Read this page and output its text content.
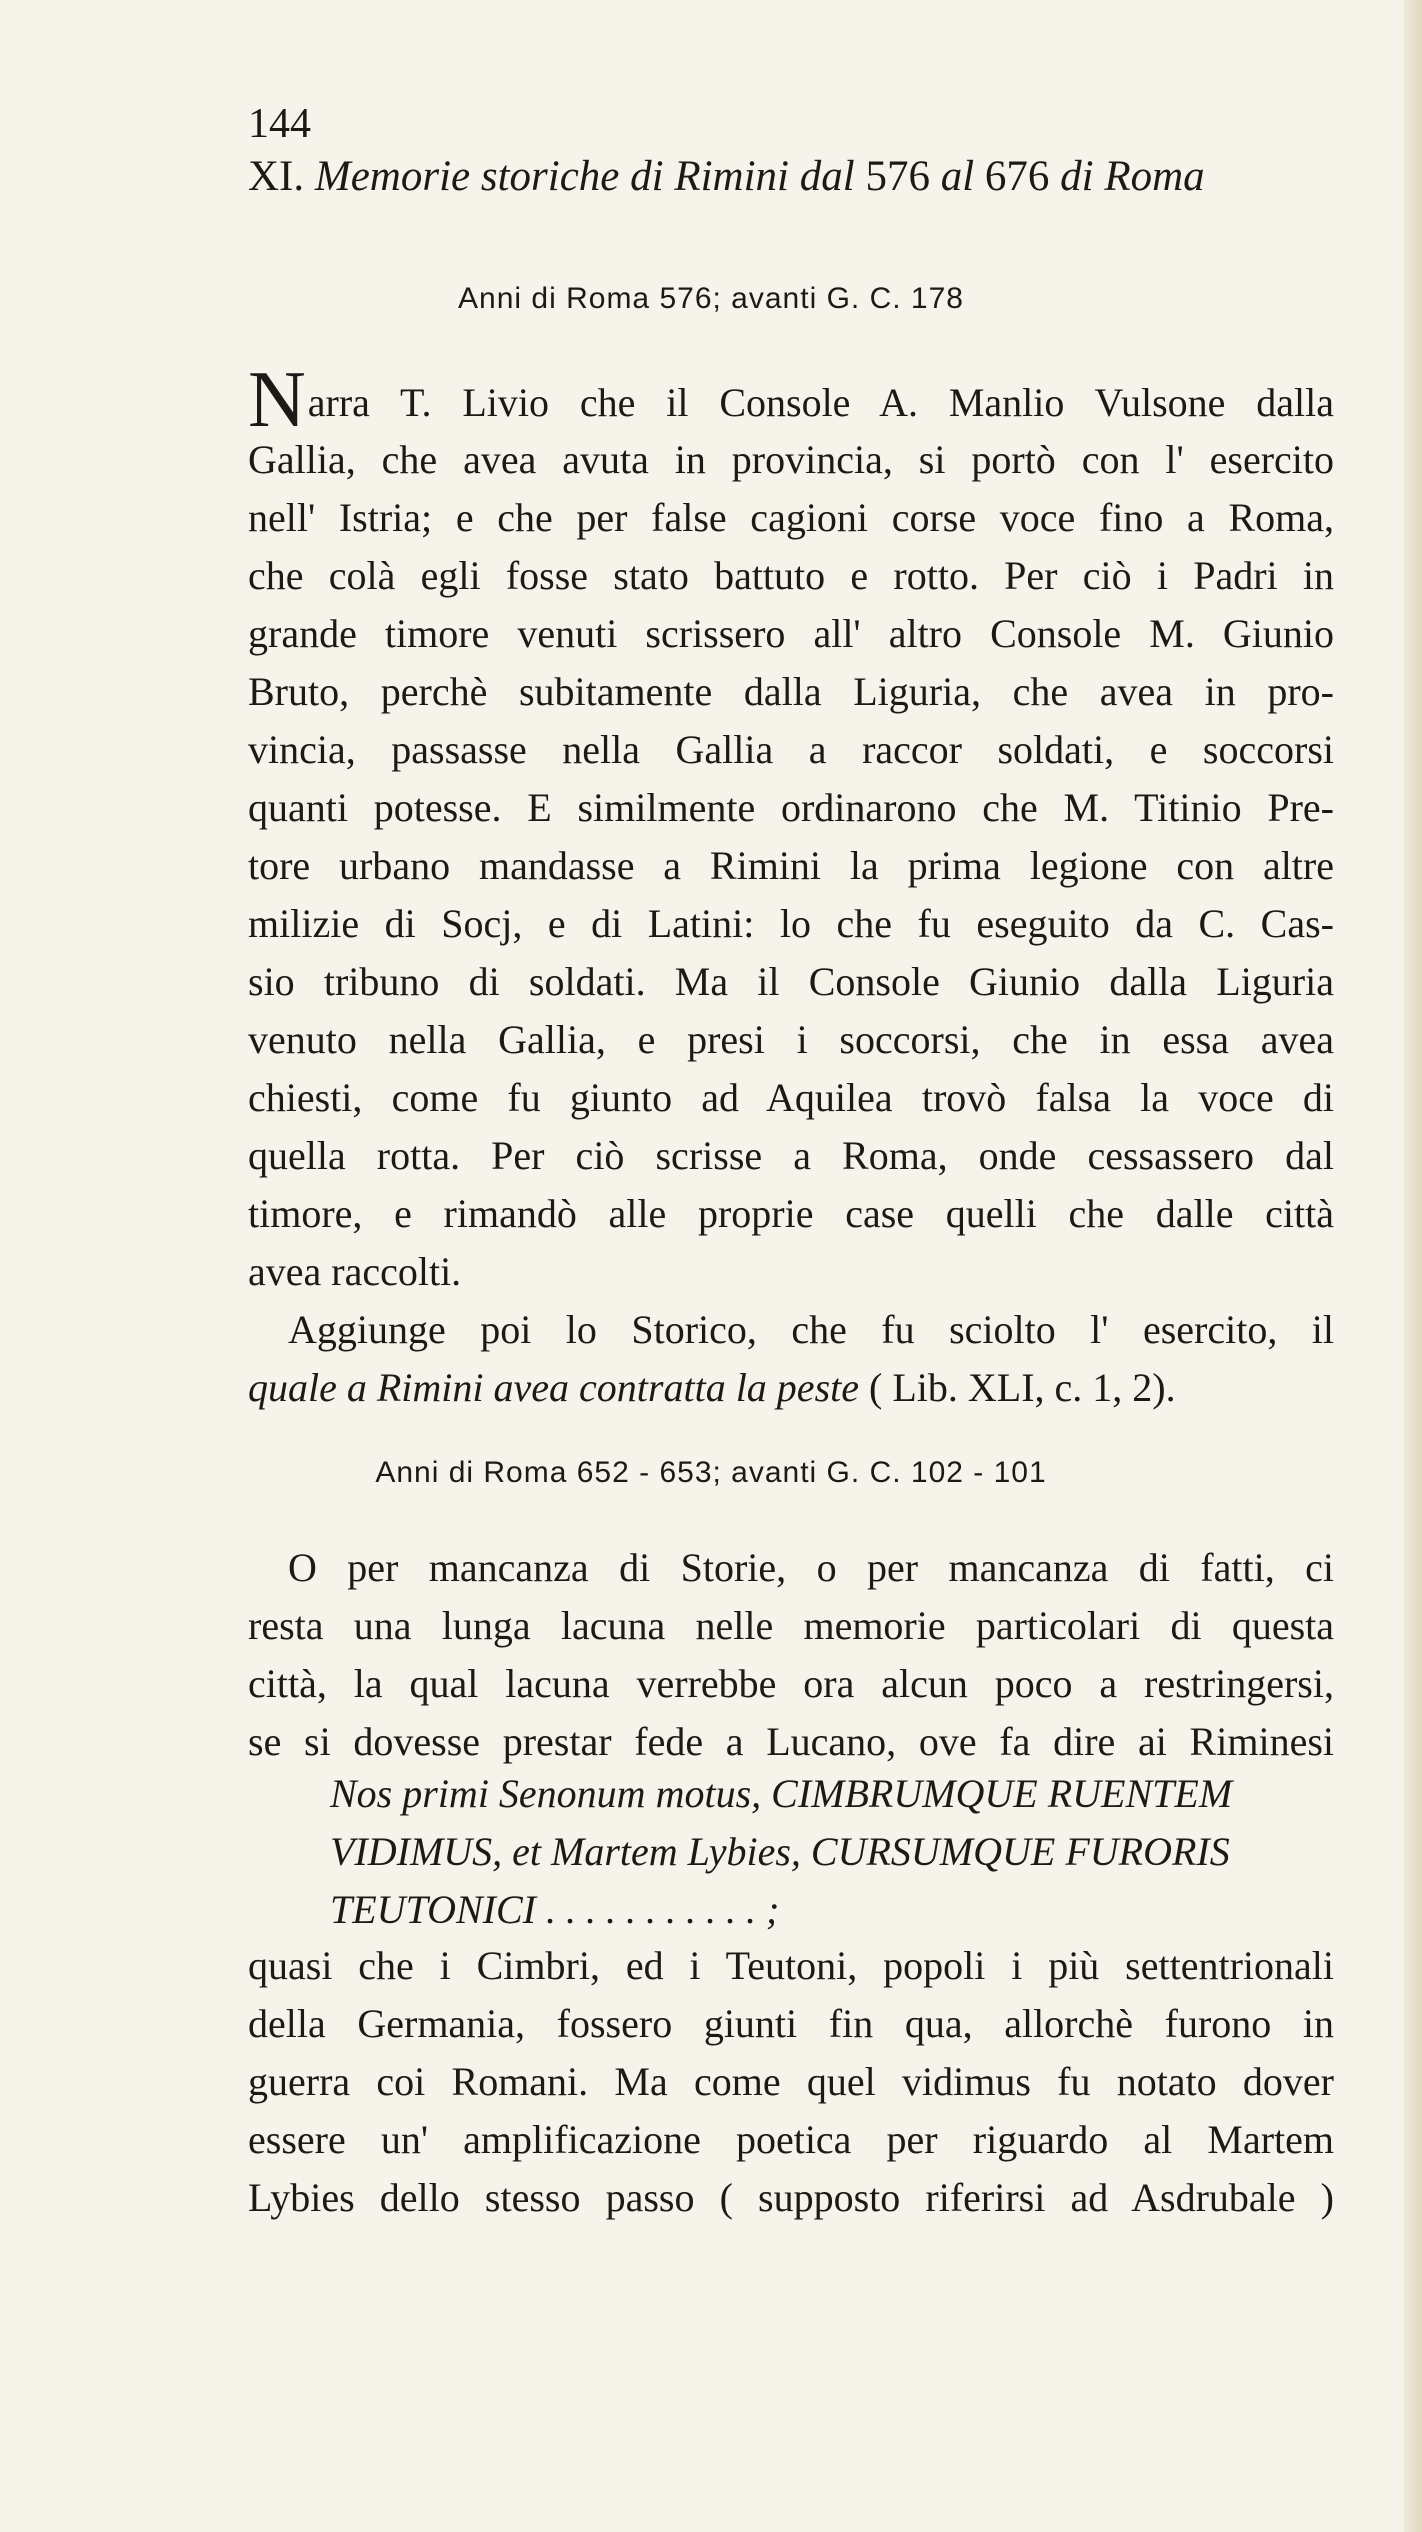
144
XI. Memorie storiche di Rimini dal 576 al 676 di Roma
Anni di Roma 576; avanti G. C. 178
Narra T. Livio che il Console A. Manlio Vulsone dalla
Gallia, che avea avuta in provincia, si portò con l' esercito
nell' Istria; e che per false cagioni corse voce fino a Roma,
che colà egli fosse stato battuto e rotto. Per ciò i Padri in
grande timore venuti scrissero all' altro Console M. Giunio
Bruto, perchè subitamente dalla Liguria, che avea in pro-
vincia, passasse nella Gallia a raccor soldati, e soccorsi
quanti potesse. E similmente ordinarono che M. Titinio Pre-
tore urbano mandasse a Rimini la prima legione con altre
milizie di Socj, e di Latini: lo che fu eseguito da C. Cas-
sio tribuno di soldati. Ma il Console Giunio dalla Liguria
venuto nella Gallia, e presi i soccorsi, che in essa avea
chiesti, come fu giunto ad Aquilea trovò falsa la voce di
quella rotta. Per ciò scrisse a Roma, onde cessassero dal
timore, e rimandò alle proprie case quelli che dalle città
avea raccolti.
Aggiunge poi lo Storico, che fu sciolto l' esercito, il
quale a Rimini avea contratta la peste ( Lib. XLI, c. 1, 2).
Anni di Roma 652 - 653; avanti G. C. 102 - 101
O per mancanza di Storie, o per mancanza di fatti, ci
resta una lunga lacuna nelle memorie particolari di questa
città, la qual lacuna verrebbe ora alcun poco a restringersi,
se si dovesse prestar fede a Lucano, ove fa dire ai Riminesi
Nos primi Senonum motus, CIMBRUMQUE RUENTEM
VIDIMUS, et Martem Lybies, CURSUMQUE FURORIS
TEUTONICI . . . . . . . . . . . ;
quasi che i Cimbri, ed i Teutoni, popoli i più settentrionali
della Germania, fossero giunti fin qua, allorchè furono in
guerra coi Romani. Ma come quel vidimus fu notato dover
essere un' amplificazione poetica per riguardo al Martem
Lybies dello stesso passo ( supposto riferirsi ad Asdrubale )
